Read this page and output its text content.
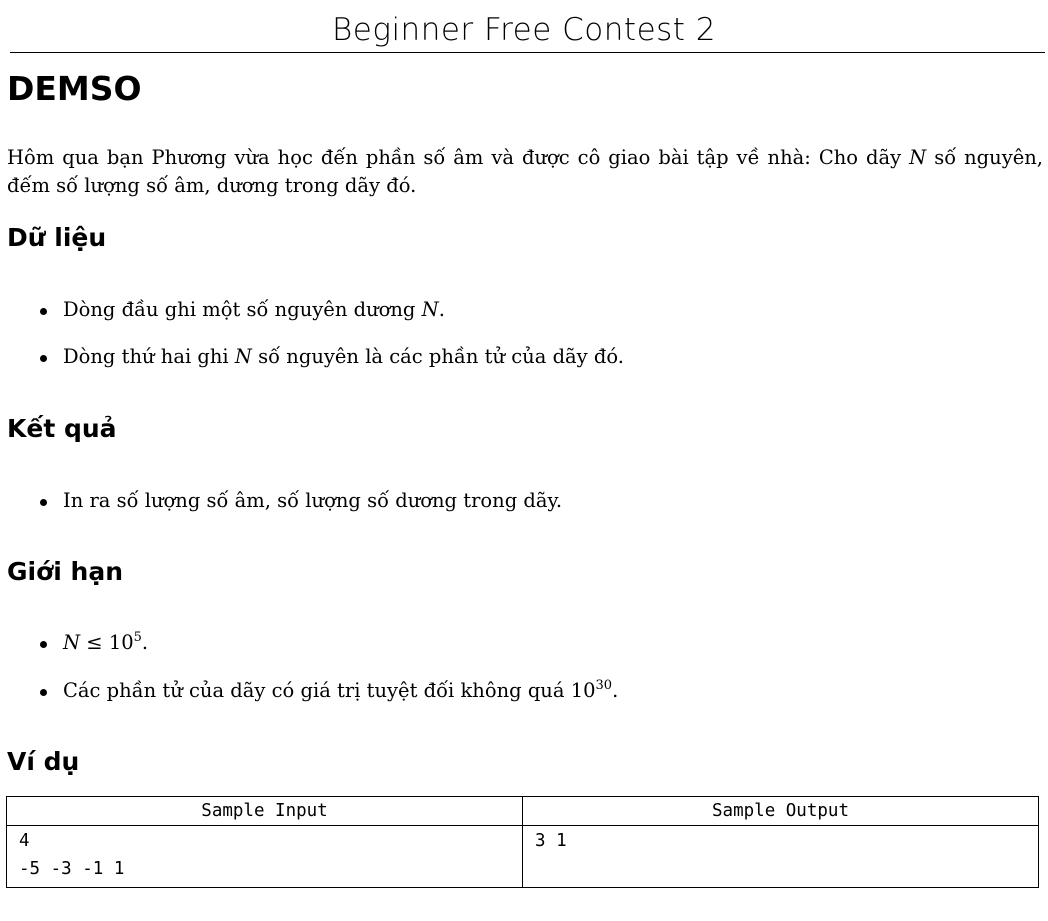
Beginner Free Contest 2
DEMSO
Hôm qua bạn Phương vừa học đến phần số âm và được cô giao bài tập về nhà: Cho dãy N số nguyên, đếm số lượng số âm, dương trong dãy đó.
Dữ liệu
Dòng đầu ghi một số nguyên dương N.
Dòng thứ hai ghi N số nguyên là các phần tử của dãy đó.
Kết quả
In ra số lượng số âm, số lượng số dương trong dãy.
Giới hạn
$N \le 10^5$.
Các phần tử của dãy có giá trị tuyệt đối không quá $10^{30}$.
Ví dụ
Sample Input	Sample Output

4
-5 -3 -1 1	3 1
